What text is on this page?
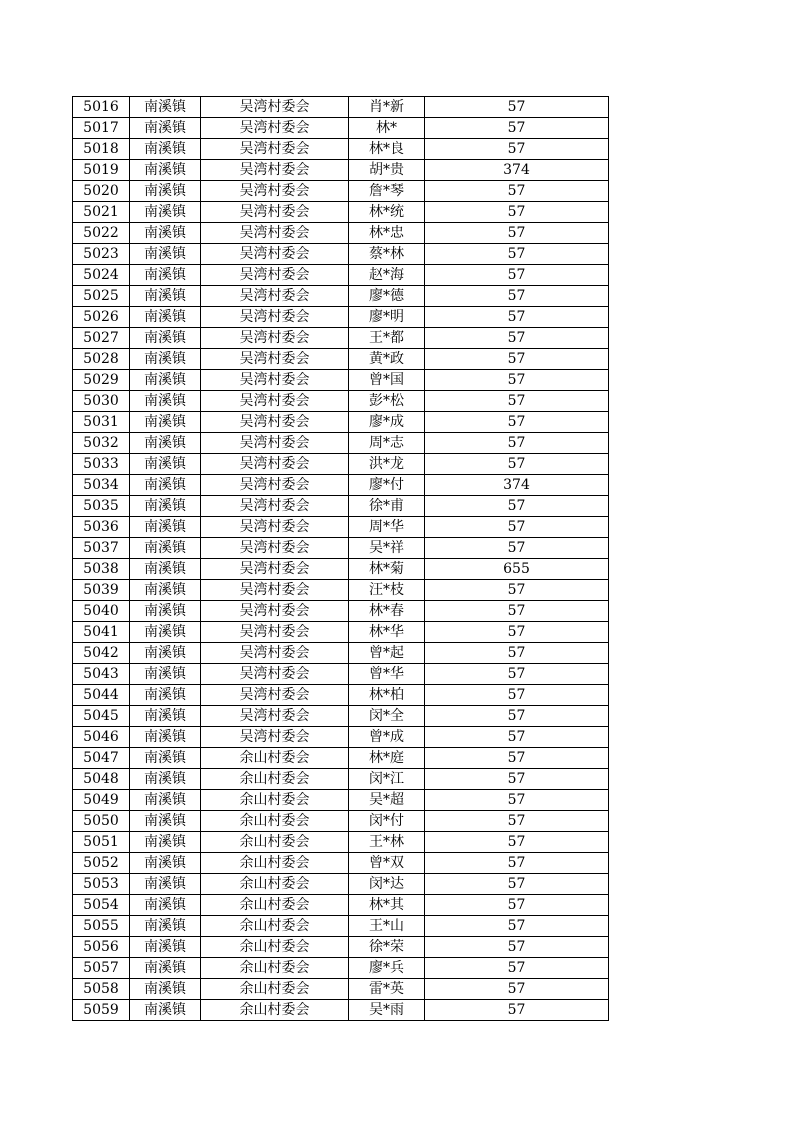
5016	南溪镇	吴湾村委会	肖*新	57
5017	南溪镇	吴湾村委会	林*	57
5018	南溪镇	吴湾村委会	林*良	57
5019	南溪镇	吴湾村委会	胡*贵	374
5020	南溪镇	吴湾村委会	詹*琴	57
5021	南溪镇	吴湾村委会	林*统	57
5022	南溪镇	吴湾村委会	林*忠	57
5023	南溪镇	吴湾村委会	蔡*林	57
5024	南溪镇	吴湾村委会	赵*海	57
5025	南溪镇	吴湾村委会	廖*德	57
5026	南溪镇	吴湾村委会	廖*明	57
5027	南溪镇	吴湾村委会	王*都	57
5028	南溪镇	吴湾村委会	黄*政	57
5029	南溪镇	吴湾村委会	曾*国	57
5030	南溪镇	吴湾村委会	彭*松	57
5031	南溪镇	吴湾村委会	廖*成	57
5032	南溪镇	吴湾村委会	周*志	57
5033	南溪镇	吴湾村委会	洪*龙	57
5034	南溪镇	吴湾村委会	廖*付	374
5035	南溪镇	吴湾村委会	徐*甫	57
5036	南溪镇	吴湾村委会	周*华	57
5037	南溪镇	吴湾村委会	吴*祥	57
5038	南溪镇	吴湾村委会	林*菊	655
5039	南溪镇	吴湾村委会	汪*枝	57
5040	南溪镇	吴湾村委会	林*春	57
5041	南溪镇	吴湾村委会	林*华	57
5042	南溪镇	吴湾村委会	曾*起	57
5043	南溪镇	吴湾村委会	曾*华	57
5044	南溪镇	吴湾村委会	林*柏	57
5045	南溪镇	吴湾村委会	闵*全	57
5046	南溪镇	吴湾村委会	曾*成	57
5047	南溪镇	余山村委会	林*庭	57
5048	南溪镇	余山村委会	闵*江	57
5049	南溪镇	余山村委会	吴*超	57
5050	南溪镇	余山村委会	闵*付	57
5051	南溪镇	余山村委会	王*林	57
5052	南溪镇	余山村委会	曾*双	57
5053	南溪镇	余山村委会	闵*达	57
5054	南溪镇	余山村委会	林*其	57
5055	南溪镇	余山村委会	王*山	57
5056	南溪镇	余山村委会	徐*荣	57
5057	南溪镇	余山村委会	廖*兵	57
5058	南溪镇	余山村委会	雷*英	57
5059	南溪镇	余山村委会	吴*雨	57
